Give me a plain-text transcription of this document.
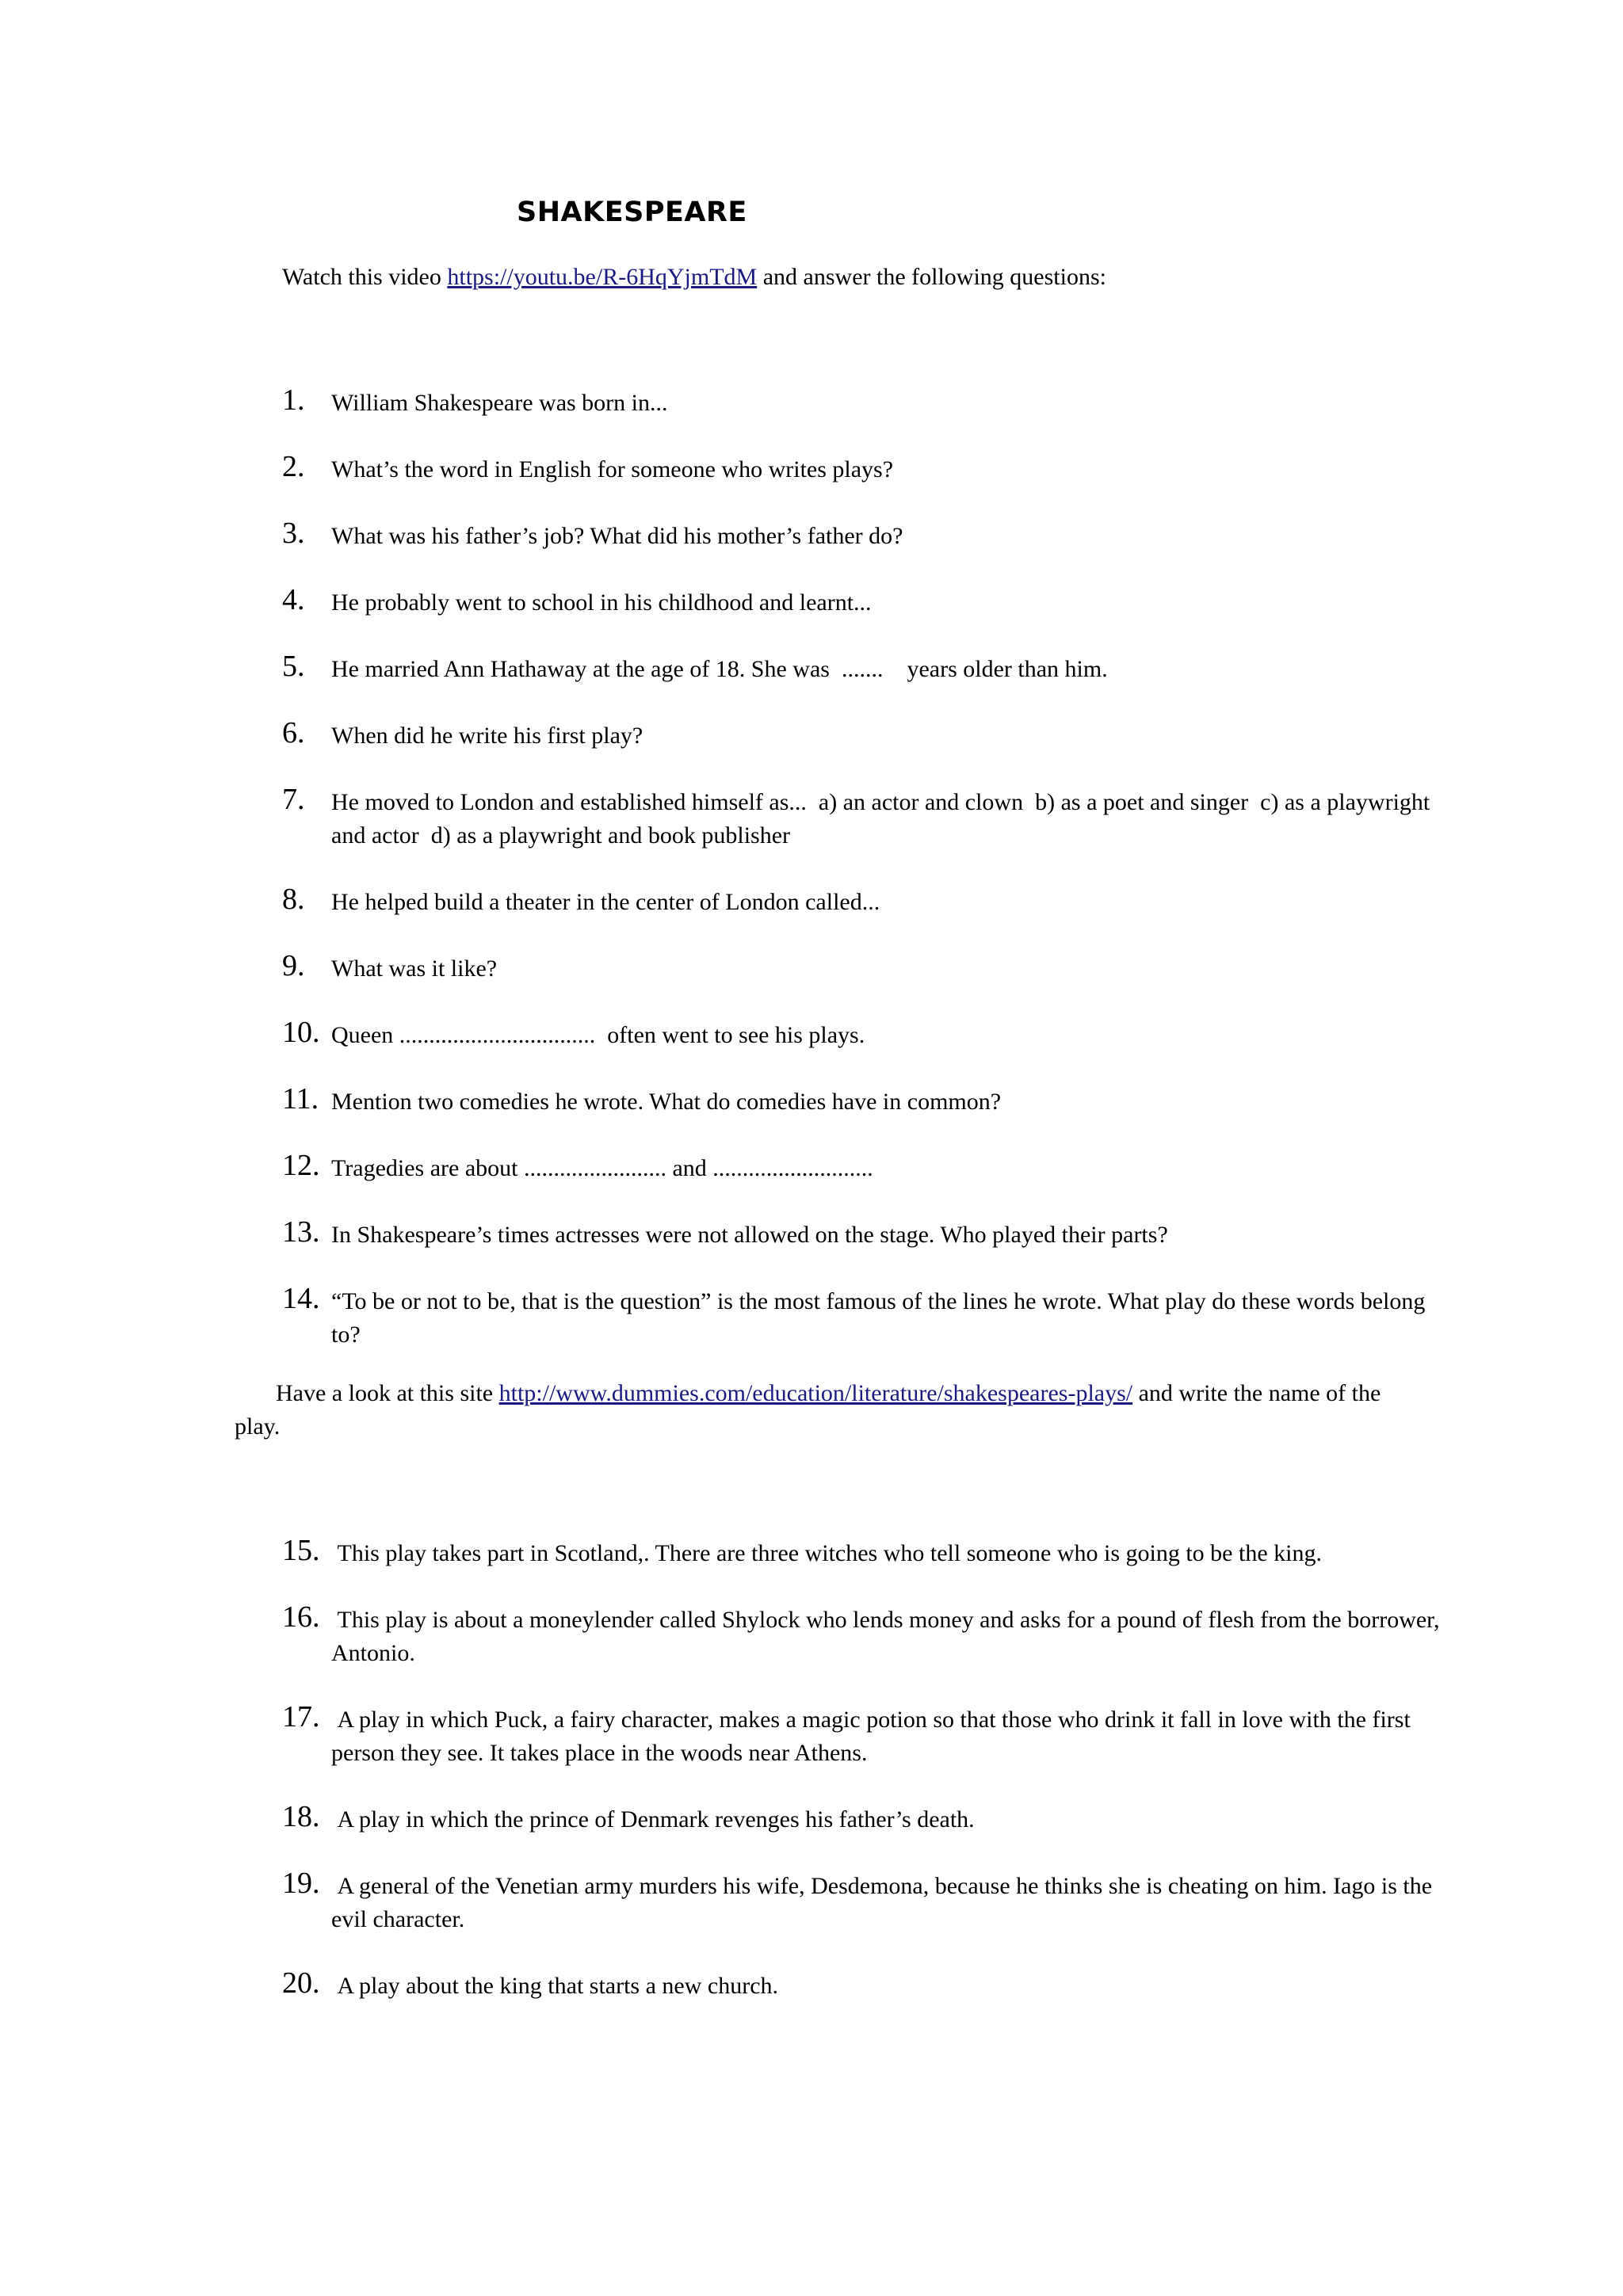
SHAKESPEARE
Watch this video https://youtu.be/R-6HqYjmTdM and answer the following questions:
1. William Shakespeare was born in...
2. What’s the word in English for someone who writes plays?
3. What was his father’s job? What did his mother’s father do?
4. He probably went to school in his childhood and learnt...
5. He married Ann Hathaway at the age of 18. She was  .......    years older than him.
6. When did he write his first play?
7. He moved to London and established himself as...  a) an actor and clown  b) as a poet and singer  c) as a playwright and actor  d) as a playwright and book publisher
8. He helped build a theater in the center of London called...
9. What was it like?
10. Queen .................................  often went to see his plays.
11. Mention two comedies he wrote. What do comedies have in common?
12. Tragedies are about ........................ and ...........................
13. In Shakespeare’s times actresses were not allowed on the stage. Who played their parts?
14. “To be or not to be, that is the question” is the most famous of the lines he wrote. What play do these words belong to?
Have a look at this site http://www.dummies.com/education/literature/shakespeares-plays/ and write the name of the play.
15. This play takes part in Scotland,. There are three witches who tell someone who is going to be the king.
16. This play is about a moneylender called Shylock who lends money and asks for a pound of flesh from the borrower, Antonio.
17. A play in which Puck, a fairy character, makes a magic potion so that those who drink it fall in love with the first person they see. It takes place in the woods near Athens.
18. A play in which the prince of Denmark revenges his father’s death.
19. A general of the Venetian army murders his wife, Desdemona, because he thinks she is cheating on him. Iago is the evil character.
20. A play about the king that starts a new church.
